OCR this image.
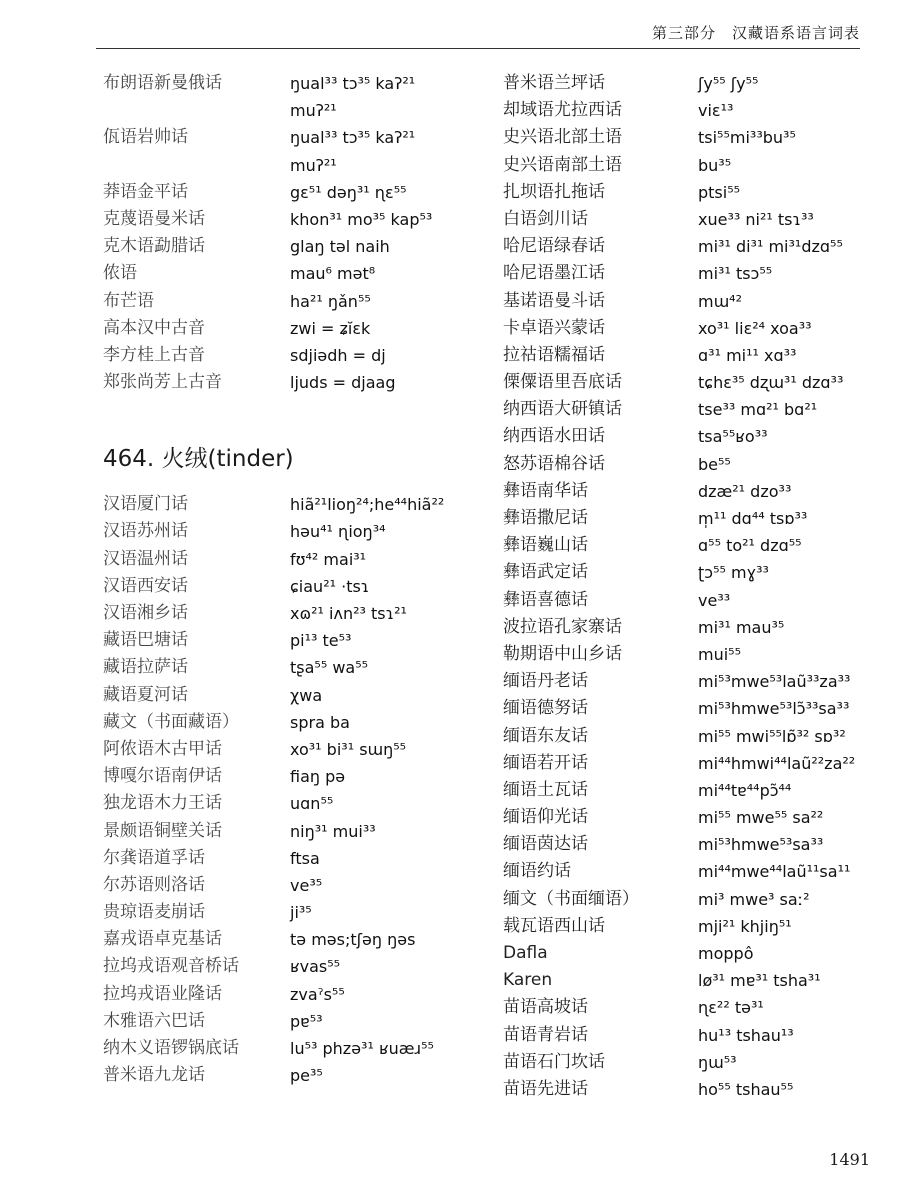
第三部分 汉藏语系语言词表
布朗语新曼俄话	ŋual³³ tɔ³⁵ kaʔ²¹
muʔ²¹
佤语岩帅话	ŋual³³ tɔ³⁵ kaʔ²¹
muʔ²¹
莽语金平话	gɛ⁵¹ dəŋ³¹ ɳɛ⁵⁵
克蔑语曼米话	khon³¹ mo³⁵ kap⁵³
克木语勐腊话	glaŋ təl naih
侬语	mau⁶ mət⁸
布芒语	ha²¹ ŋǎn⁵⁵
高本汉中古音	zwi = ʑĭɛk
李方桂上古音	sdjiədh = dj
郑张尚芳上古音	ljuds = djaag
464. 火绒(tinder)
汉语厦门话	hiã²¹lioŋ²⁴;he⁴⁴hiã²²
汉语苏州话	həu⁴¹ ɳioŋ³⁴
汉语温州话	fʊ⁴² mai³¹
汉语西安话	ɕiau²¹ ·tsɿ
汉语湘乡话	xɷ²¹ iʌn²³ tsɿ²¹
藏语巴塘话	pi¹³ te⁵³
藏语拉萨话	tʂa⁵⁵ wa⁵⁵
藏语夏河话	χwa
藏文（书面藏语）	spra ba
阿侬语木古甲话	xo³¹ bi³¹ sɯŋ⁵⁵
博嘎尔语南伊话	fiaŋ pə
独龙语木力王话	uɑn⁵⁵
景颇语铜壁关话	niŋ³¹ mui³³
尔龚语道孚话	ftsa
尔苏语则洛话	ve³⁵
贵琼语麦崩话	ji³⁵
嘉戎语卓克基话	tə məs;tʃəŋ ŋəs
拉坞戎语观音桥话	ʁvas⁵⁵
拉坞戎语业隆话	zvaˀs⁵⁵
木雅语六巴话	pɐ⁵³
纳木义语锣锅底话	lu⁵³ phzə³¹ ʁuæɹ⁵⁵
普米语九龙话	pe³⁵
普米语兰坪话	ʃy⁵⁵ ʃy⁵⁵
却域语尤拉西话	viɛ¹³
史兴语北部土语	tsi⁵⁵mi³³bu³⁵
史兴语南部土语	bu³⁵
扎坝语扎拖话	ptsi⁵⁵
白语剑川话	xue³³ ni²¹ tsɿ³³
哈尼语绿春话	mi³¹ di³¹ mi³¹dzɑ⁵⁵
哈尼语墨江话	mi³¹ tsɔ⁵⁵
基诺语曼斗话	mɯ⁴²
卡卓语兴蒙话	xo³¹ liɛ²⁴ xoa³³
拉祜语糯福话	ɑ³¹ mi¹¹ xɑ³³
傈僳语里吾底话	tɕhɛ³⁵ dʐɯ³¹ dzɑ³³
纳西语大研镇话	tse³³ mɑ²¹ bɑ²¹
纳西语水田话	tsa⁵⁵ʁo³³
怒苏语棉谷话	be⁵⁵
彝语南华话	dzæ²¹ dzo³³
彝语撒尼话	m̩¹¹ dɑ⁴⁴ tsɒ³³
彝语巍山话	ɑ⁵⁵ to²¹ dzɑ⁵⁵
彝语武定话	ʈɔ⁵⁵ mɣ³³
彝语喜德话	ve³³
波拉语孔家寨话	mi³¹ mau³⁵
勒期语中山乡话	mui⁵⁵
缅语丹老话	mi⁵³mwe⁵³laũ³³za³³
缅语德努话	mi⁵³hmwe⁵³lɔ̃³³sa³³
缅语东友话	mi⁵⁵ mwi⁵⁵lɒ̃³² sɒ³²
缅语若开话	mi⁴⁴hmwi⁴⁴laũ²²za²²
缅语土瓦话	mi⁴⁴tɐ⁴⁴pɔ̃⁴⁴
缅语仰光话	mi⁵⁵ mwe⁵⁵ sa²²
缅语茵达话	mi⁵³hmwe⁵³sa³³
缅语约话	mi⁴⁴mwe⁴⁴laũ¹¹sa¹¹
缅文（书面缅语）	mi³ mwe³ saː²
载瓦语西山话	mji²¹ khjiŋ⁵¹
Dafla	moppô
Karen	lø³¹ mɐ³¹ tsha³¹
苗语高坡话	ɳɛ²² tə³¹
苗语青岩话	hu¹³ tshau¹³
苗语石门坎话	ŋɯ⁵³
苗语先进话	ho⁵⁵ tshau⁵⁵
1491
